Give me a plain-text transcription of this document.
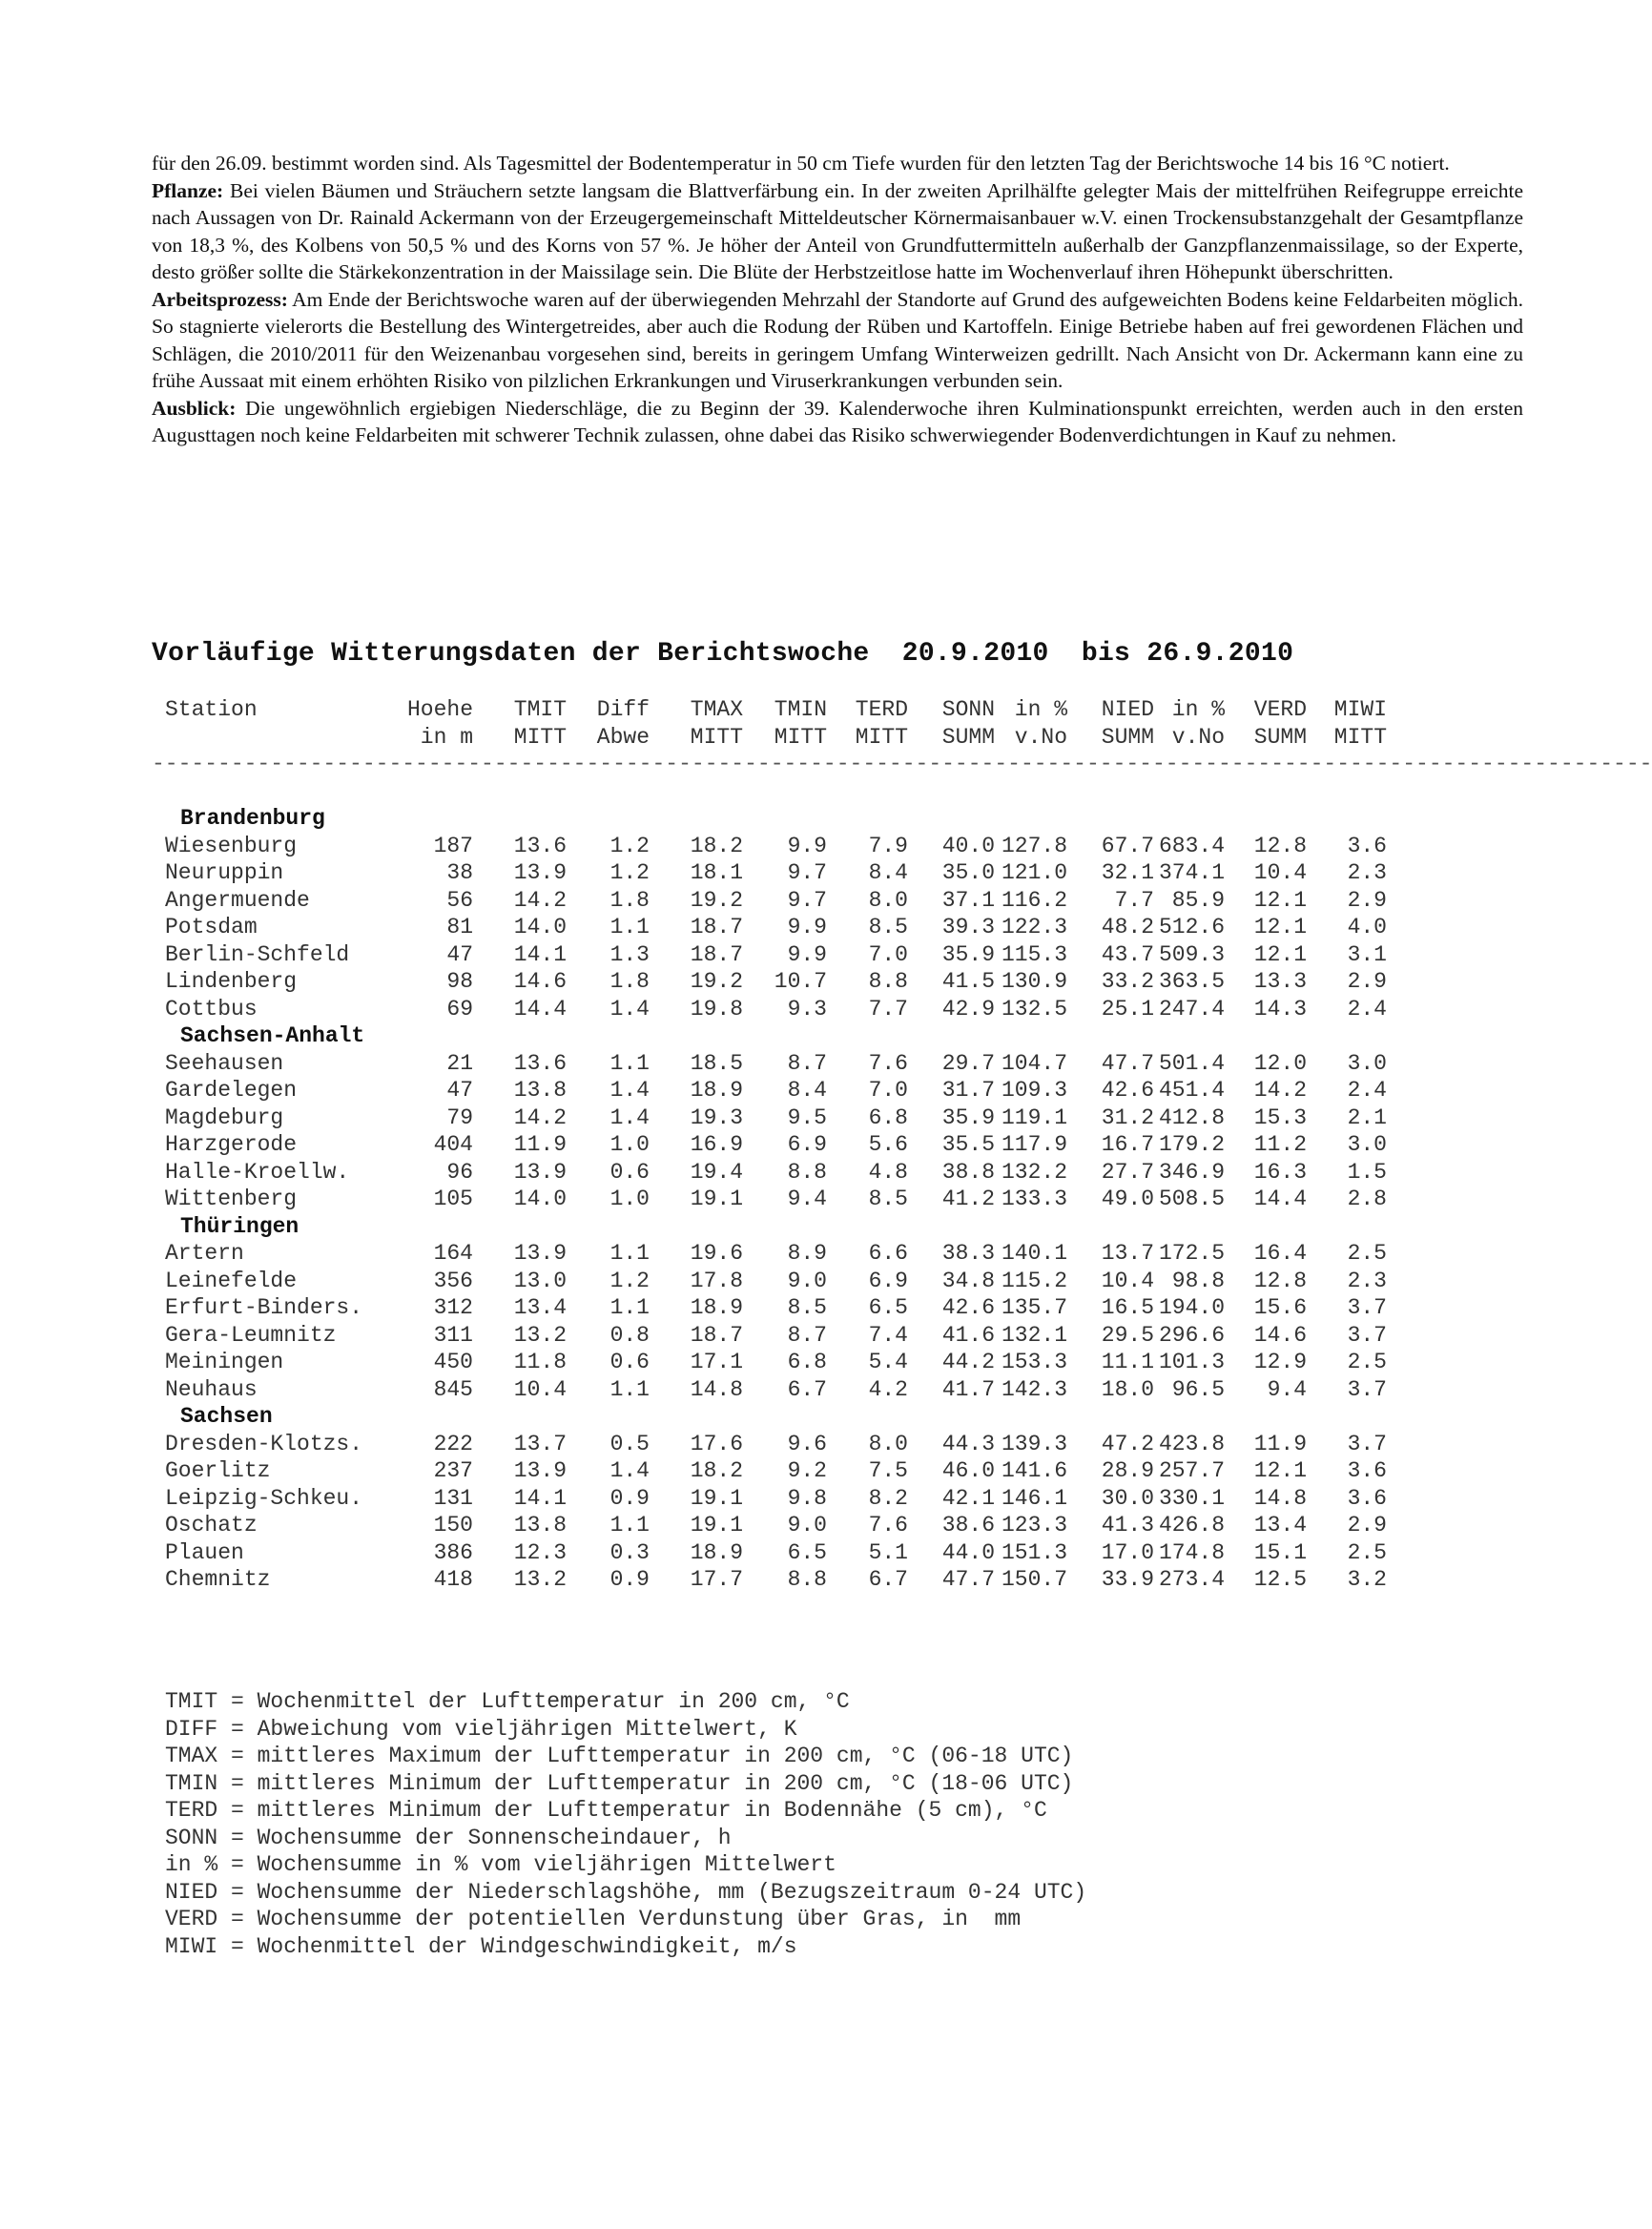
für den 26.09. bestimmt worden sind. Als Tagesmittel der Bodentemperatur in 50 cm Tiefe wurden für den letzten Tag der Berichtswoche 14 bis 16 °C notiert.

Pflanze: Bei vielen Bäumen und Sträuchern setzte langsam die Blattverfärbung ein. In der zweiten Aprilhälfte gelegter Mais der mittelfrühen Reifegruppe erreichte nach Aussagen von Dr. Rainald Ackermann von der Erzeugergemeinschaft Mitteldeutscher Körnermaisanbauer w.V. einen Trockensubstanzgehalt der Gesamtpflanze von 18,3 %, des Kolbens von 50,5 % und des Korns von 57 %. Je höher der Anteil von Grundfuttermitteln außerhalb der Ganzpflanzenmaissilage, so der Experte, desto größer sollte die Stärkekonzentration in der Maissilage sein. Die Blüte der Herbstzeitlose hatte im Wochenverlauf ihren Höhepunkt überschritten.

Arbeitsprozess: Am Ende der Berichtswoche waren auf der überwiegenden Mehrzahl der Standorte auf Grund des aufgeweichten Bodens keine Feldarbeiten möglich. So stagnierte vielerorts die Bestellung des Wintergetreides, aber auch die Rodung der Rüben und Kartoffeln. Einige Betriebe haben auf frei gewordenen Flächen und Schlägen, die 2010/2011 für den Weizenanbau vorgesehen sind, bereits in geringem Umfang Winterweizen gedrillt. Nach Ansicht von Dr. Ackermann kann eine zu frühe Aussaat mit einem erhöhten Risiko von pilzlichen Erkrankungen und Viruserkrankungen verbunden sein.

Ausblick: Die ungewöhnlich ergiebigen Niederschläge, die zu Beginn der 39. Kalenderwoche ihren Kulminationspunkt erreichten, werden auch in den ersten Augusttagen noch keine Feldarbeiten mit schwerer Technik zulassen, ohne dabei das Risiko schwerwiegender Bodenverdichtungen in Kauf zu nehmen.

Vorläufige Witterungsdaten der Berichtswoche  20.9.2010  bis 26.9.2010
Station	Hoehe	TMIT	Diff	TMAX	TMIN	TERD	SONN in %	NIED in %	VERD	MIWI
in m	MITT	Abwe	MITT	MITT	MITT	SUMM v.No	SUMM v.No	SUMM	MITT
------------------------------------------------------------------------------------------------------------------
Brandenburg
Wiesenburg	187	13.6	1.2	18.2	9.9	7.9	40.0 127.8	67.7 683.4	12.8	3.6
Neuruppin	38	13.9	1.2	18.1	9.7	8.4	35.0 121.0	32.1 374.1	10.4	2.3
Angermuende	56	14.2	1.8	19.2	9.7	8.0	37.1 116.2	7.7 85.9	12.1	2.9
Potsdam	81	14.0	1.1	18.7	9.9	8.5	39.3 122.3	48.2 512.6	12.1	4.0
Berlin-Schfeld	47	14.1	1.3	18.7	9.9	7.0	35.9 115.3	43.7 509.3	12.1	3.1
Lindenberg	98	14.6	1.8	19.2	10.7	8.8	41.5 130.9	33.2 363.5	13.3	2.9
Cottbus	69	14.4	1.4	19.8	9.3	7.7	42.9 132.5	25.1 247.4	14.3	2.4
Sachsen-Anhalt
Seehausen	21	13.6	1.1	18.5	8.7	7.6	29.7 104.7	47.7 501.4	12.0	3.0
Gardelegen	47	13.8	1.4	18.9	8.4	7.0	31.7 109.3	42.6 451.4	14.2	2.4
Magdeburg	79	14.2	1.4	19.3	9.5	6.8	35.9 119.1	31.2 412.8	15.3	2.1
Harzgerode	404	11.9	1.0	16.9	6.9	5.6	35.5 117.9	16.7 179.2	11.2	3.0
Halle-Kroellw.	96	13.9	0.6	19.4	8.8	4.8	38.8 132.2	27.7 346.9	16.3	1.5
Wittenberg	105	14.0	1.0	19.1	9.4	8.5	41.2 133.3	49.0 508.5	14.4	2.8
Thüringen
Artern	164	13.9	1.1	19.6	8.9	6.6	38.3 140.1	13.7 172.5	16.4	2.5
Leinefelde	356	13.0	1.2	17.8	9.0	6.9	34.8 115.2	10.4 98.8	12.8	2.3
Erfurt-Binders.	312	13.4	1.1	18.9	8.5	6.5	42.6 135.7	16.5 194.0	15.6	3.7
Gera-Leumnitz	311	13.2	0.8	18.7	8.7	7.4	41.6 132.1	29.5 296.6	14.6	3.7
Meiningen	450	11.8	0.6	17.1	6.8	5.4	44.2 153.3	11.1 101.3	12.9	2.5
Neuhaus	845	10.4	1.1	14.8	6.7	4.2	41.7 142.3	18.0 96.5	9.4	3.7
Sachsen
Dresden-Klotzs.	222	13.7	0.5	17.6	9.6	8.0	44.3 139.3	47.2 423.8	11.9	3.7
Goerlitz	237	13.9	1.4	18.2	9.2	7.5	46.0 141.6	28.9 257.7	12.1	3.6
Leipzig-Schkeu.	131	14.1	0.9	19.1	9.8	8.2	42.1 146.1	30.0 330.1	14.8	3.6
Oschatz	150	13.8	1.1	19.1	9.0	7.6	38.6 123.3	41.3 426.8	13.4	2.9
Plauen	386	12.3	0.3	18.9	6.5	5.1	44.0 151.3	17.0 174.8	15.1	2.5
Chemnitz	418	13.2	0.9	17.7	8.8	6.7	47.7 150.7	33.9 273.4	12.5	3.2
TMIT = Wochenmittel der Lufttemperatur in 200 cm, °C
DIFF = Abweichung vom vieljährigen Mittelwert, K
TMAX = mittleres Maximum der Lufttemperatur in 200 cm, °C (06-18 UTC)
TMIN = mittleres Minimum der Lufttemperatur in 200 cm, °C (18-06 UTC)
TERD = mittleres Minimum der Lufttemperatur in Bodennähe (5 cm), °C
SONN = Wochensumme der Sonnenscheindauer, h
in % = Wochensumme in % vom vieljährigen Mittelwert
NIED = Wochensumme der Niederschlagshöhe, mm (Bezugszeitraum 0-24 UTC)
VERD = Wochensumme der potentiellen Verdunstung über Gras, in  mm
MIWI = Wochenmittel der Windgeschwindigkeit, m/s
